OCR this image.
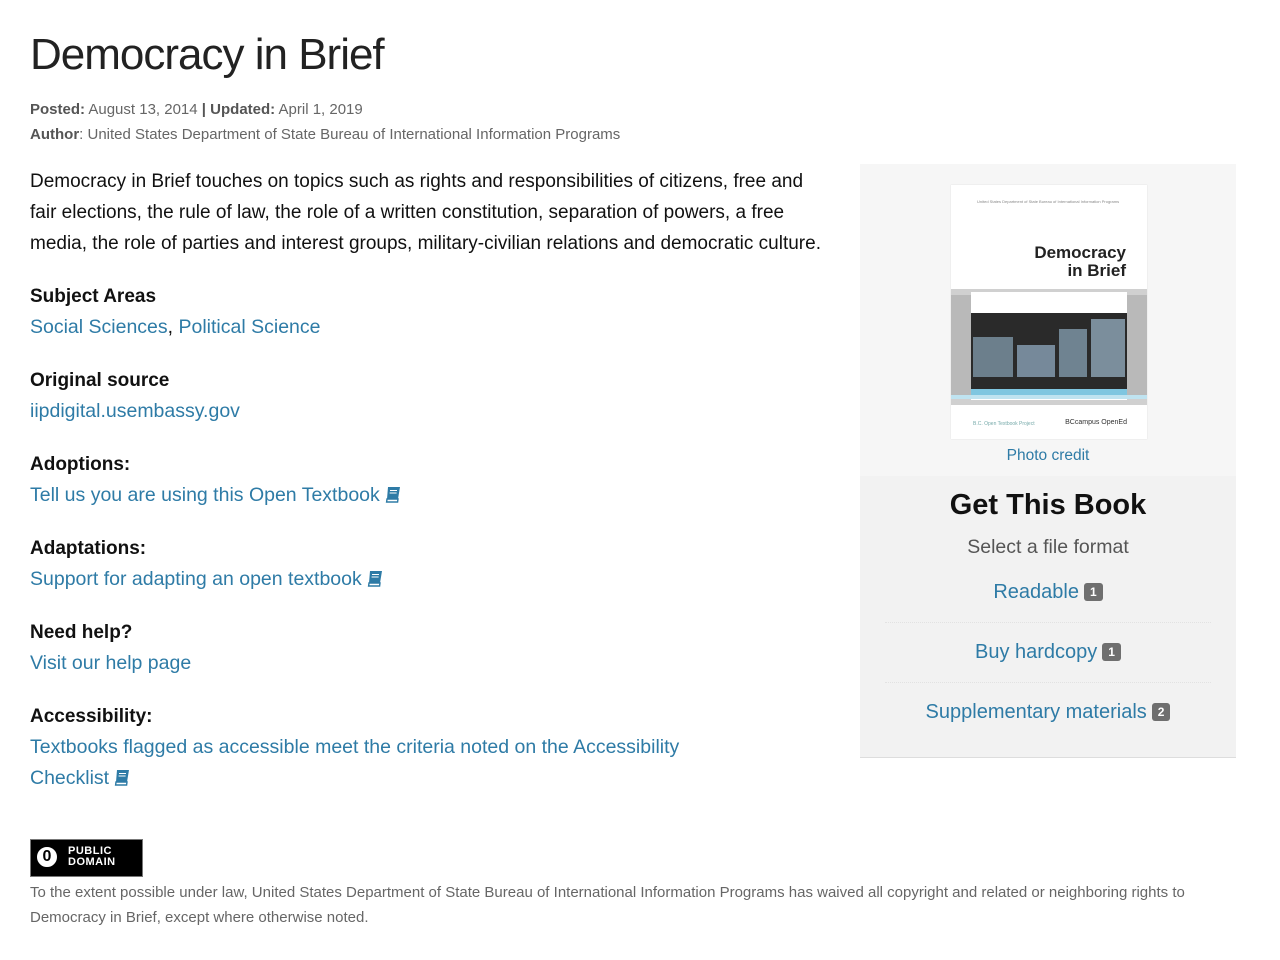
Democracy in Brief
Posted: August 13, 2014 | Updated: April 1, 2019
Author: United States Department of State Bureau of International Information Programs

Democracy in Brief touches on topics such as rights and responsibilities of citizens, free and fair elections, the rule of law, the role of a written constitution, separation of powers, a free media, the role of parties and interest groups, military-civilian relations and democratic culture.

Subject Areas
Social Sciences, Political Science
Original source
iipdigital.usembassy.gov
Adoptions:
Tell us you are using this Open Textbook
Adaptations:
Support for adapting an open textbook
Need help?
Visit our help page
Accessibility:
Textbooks flagged as accessible meet the criteria noted on the Accessibility Checklist
United States Department of State Bureau of International Information Programs
Democracy in Brief
B.C. Open Textbook Project	BCcampus OpenEd
Photo credit
Get This Book
Select a file format
Readable 1
Buy hardcopy 1
Supplementary materials 2
0	PUBLIC
DOMAIN
To the extent possible under law, United States Department of State Bureau of International Information Programs has waived all copyright and related or neighboring rights to Democracy in Brief, except where otherwise noted.
